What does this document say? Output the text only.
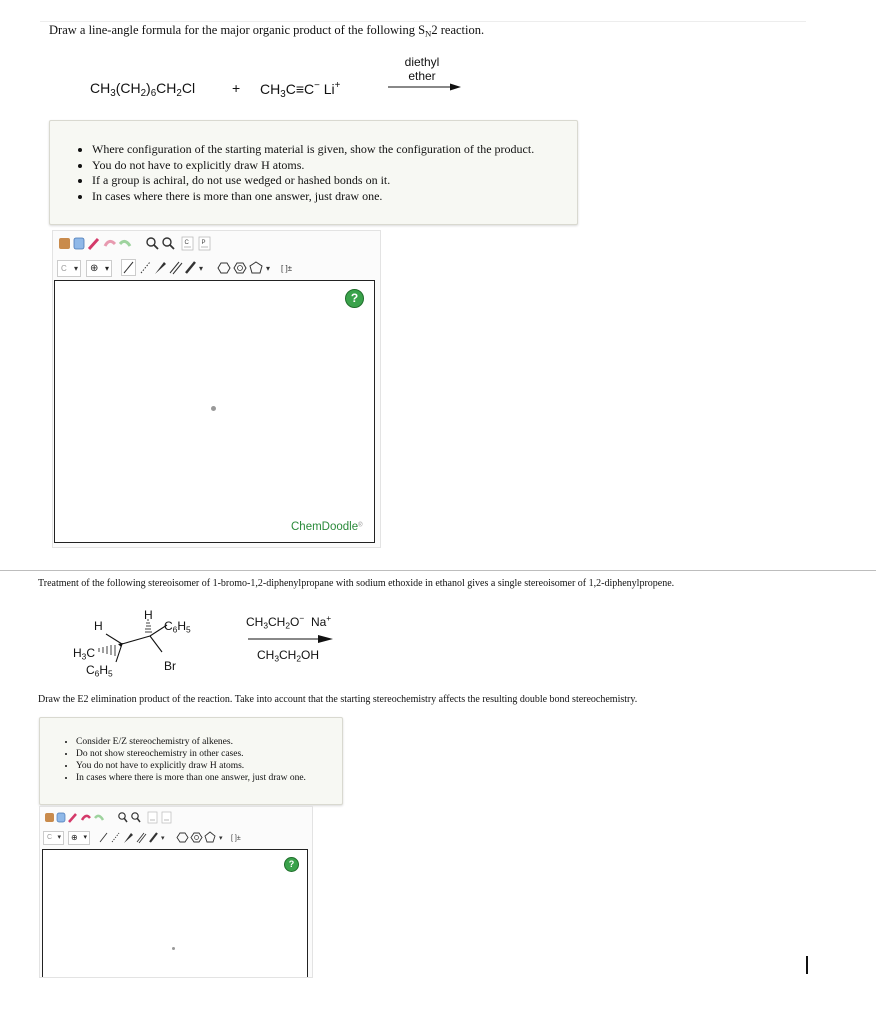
Draw a line-angle formula for the major organic product of the following $S_N2$ reaction.
$CH_3(CH_2)_6CH_2Cl$	+ $CH_3C\equiv C^-$ Li+
diethyl
ether
• Where configuration of the starting material is given, show the configuration of the product.
• You do not have to explicitly draw H atoms.
• If a group is achiral, do not use wedged or hashed bonds on it.
• In cases where there is more than one answer, just draw one.
C P
C ▾	⊕ ▾	▾	▾ [ ]±
?
ChemDoodle®
Treatment of the following stereoisomer of 1-bromo-1,2-diphenylpropane with sodium ethoxide in ethanol gives a single stereoisomer of 1,2-diphenylpropene.
H
H
$C_6H_5$
$H_3C$
$C_6H_5$
Br
$CH_3CH_2O^-$ Na+
$CH_3CH_2OH$
Draw the E2 elimination product of the reaction. Take into account that the starting stereochemistry affects the resulting double bond stereochemistry.
• Consider E/Z stereochemistry of alkenes.
• Do not show stereochemistry in other cases.
• You do not have to explicitly draw H atoms.
• In cases where there is more than one answer, just draw one.
C ▾	⊕ ▾	▾	▾ [ ]±
?
